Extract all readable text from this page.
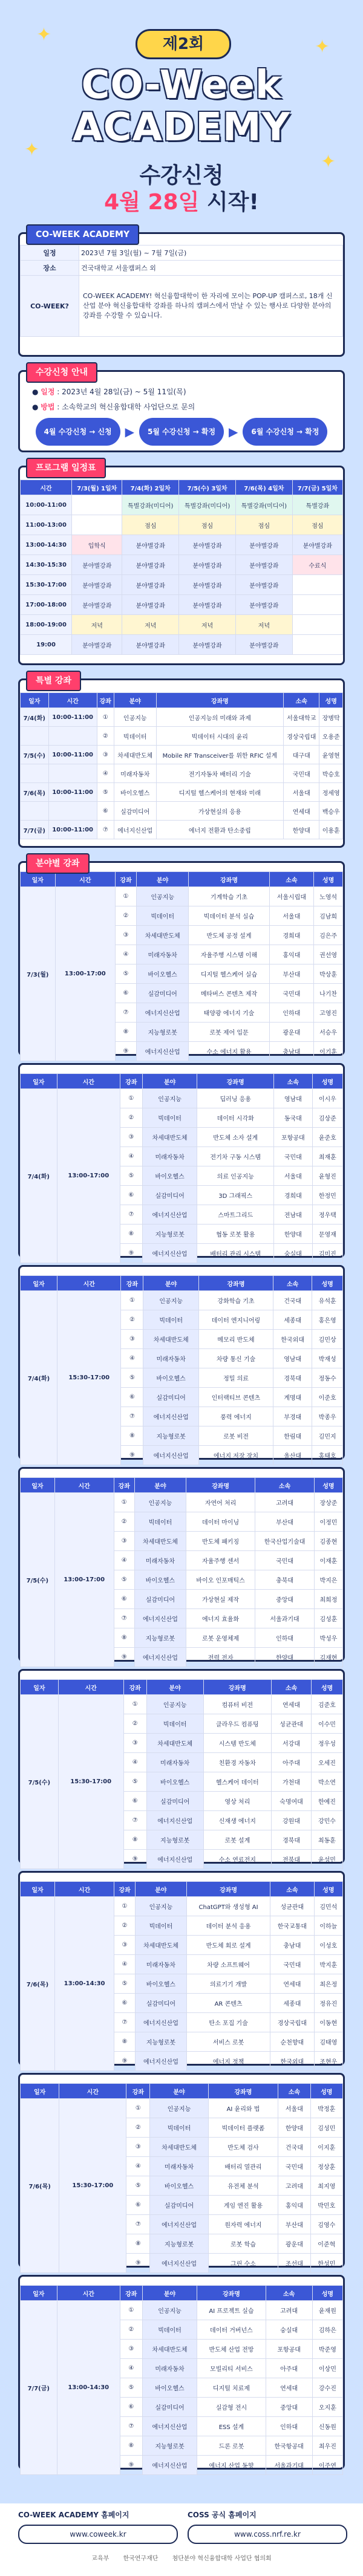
✦
✦
✦
✦
제2회
CO-Week
ACADEMY
수강신청
4월 28일 시작!
CO-WEEK ACADEMY
일정	2023년 7월 3일(월) ~ 7월 7일(금)
장소	건국대학교 서울캠퍼스 외
CO-WEEK?	CO-WEEK ACADEMY! 혁신융합대학이 한 자리에 모이는 POP-UP 캠퍼스로, 18개 신산업 분야 혁신융합대학 강좌를 하나의 캠퍼스에서 만날 수 있는 행사로 다양한 분야의 강좌를 수강할 수 있습니다.
수강신청 안내
● 일정 : 2023년 4월 28일(금) ~ 5월 11일(목)
● 방법 : 소속학교의 혁신융합대학 사업단으로 문의
4월 수강신청 → 신청	▶	5월 수강신청 → 확정	▶	6월 수강신청 → 확정
프로그램 일정표
시간	7/3(월) 1일차	7/4(화) 2일차	7/5(수) 3일차	7/6(목) 4일차	7/7(금) 5일차
10:00-11:00		특별강좌(미디어)	특별강좌(미디어)	특별강좌(미디어)	특별강좌
11:00-13:00		점심	점심	점심	점심
13:00-14:30	입학식	분야별강좌	분야별강좌	분야별강좌	분야별강좌
14:30-15:30	분야별강좌	분야별강좌	분야별강좌	분야별강좌	수료식
15:30-17:00	분야별강좌	분야별강좌	분야별강좌	분야별강좌	
17:00-18:00	분야별강좌	분야별강좌	분야별강좌	분야별강좌	
18:00-19:00	저녁	저녁	저녁	저녁	
19:00	분야별강좌	분야별강좌	분야별강좌	분야별강좌	
특별 강좌
일자	시간	강좌	분야	강좌명	소속	성명
7/4(화)	10:00-11:00	①	인공지능	인공지능의 미래와 과제	서울대학교	장병탁
		②	빅데이터	빅데이터 시대의 윤리	경상국립대	오용준
7/5(수)	10:00-11:00	③	차세대반도체	Mobile RF Transceiver를 위한 RFIC 설계	대구대	윤영현
		④	미래자동차	전기자동차 배터리 기술	국민대	박승호
7/6(목)	10:00-11:00	⑤	바이오헬스	디지털 헬스케어의 현재와 미래	서울대	정세영
		⑥	실감미디어	가상현실의 응용	연세대	백승우
7/7(금)	10:00-11:00	⑦	에너지신산업	에너지 전환과 탄소중립	한양대	이용훈
분야별 강좌
일자	시간	강좌	분야	강좌명	소속	성명
7/3(월)	13:00-17:00	①	인공지능	기계학습 기초	서울시립대	노영석
		②	빅데이터	빅데이터 분석 실습	서울대	김남희
		③	차세대반도체	반도체 공정 설계	경희대	김은주
		④	미래자동차	자율주행 시스템 이해	홍익대	권선영
		⑤	바이오헬스	디지털 헬스케어 실습	부산대	박상훈
		⑥	실감미디어	메타버스 콘텐츠 제작	국민대	나기찬
		⑦	에너지신산업	태양광 에너지 기술	인하대	고영진
		⑧	지능형로봇	로봇 제어 입문	광운대	서승우
		⑨	에너지신산업	수소 에너지 활용	충남대	이기훈
일자	시간	강좌	분야	강좌명	소속	성명
7/4(화)	13:00-17:00	①	인공지능	딥러닝 응용	영남대	이시우
		②	빅데이터	데이터 시각화	동국대	김상준
		③	차세대반도체	반도체 소자 설계	포항공대	윤준호
		④	미래자동차	전기차 구동 시스템	국민대	최재훈
		⑤	바이오헬스	의료 인공지능	서울대	윤형진
		⑥	실감미디어	3D 그래픽스	경희대	한정민
		⑦	에너지신산업	스마트그리드	전남대	정우택
		⑧	지능형로봇	협동 로봇 활용	한양대	문영재
		⑨	에너지신산업	배터리 관리 시스템	숭실대	김미진
일자	시간	강좌	분야	강좌명	소속	성명
7/4(화)	15:30-17:00	①	인공지능	강화학습 기초	건국대	유석훈
		②	빅데이터	데이터 엔지니어링	세종대	홍은영
		③	차세대반도체	메모리 반도체	한국외대	김민상
		④	미래자동차	차량 통신 기술	영남대	박재성
		⑤	바이오헬스	정밀 의료	경북대	정동수
		⑥	실감미디어	인터랙티브 콘텐츠	계명대	이준호
		⑦	에너지신산업	풍력 에너지	부경대	박종우
		⑧	지능형로봇	로봇 비전	한림대	김민지
		⑨	에너지신산업	에너지 저장 장치	울산대	홍태호
일자	시간	강좌	분야	강좌명	소속	성명
7/5(수)	13:00-17:00	①	인공지능	자연어 처리	고려대	장상준
		②	빅데이터	데이터 마이닝	부산대	이정민
		③	차세대반도체	반도체 패키징	한국산업기술대	김종현
		④	미래자동차	자율주행 센서	국민대	이재훈
		⑤	바이오헬스	바이오 인포매틱스	충북대	박지은
		⑥	실감미디어	가상현실 제작	중앙대	최희정
		⑦	에너지신산업	에너지 효율화	서울과기대	김성훈
		⑧	지능형로봇	로봇 운영체제	인하대	박성우
		⑨	에너지신산업	전력 전자	한양대	김재현
일자	시간	강좌	분야	강좌명	소속	성명
7/5(수)	15:30-17:00	①	인공지능	컴퓨터 비전	연세대	김준호
		②	빅데이터	클라우드 컴퓨팅	성균관대	이수민
		③	차세대반도체	시스템 반도체	서강대	정우성
		④	미래자동차	친환경 자동차	아주대	오세진
		⑤	바이오헬스	헬스케어 데이터	가천대	박소연
		⑥	실감미디어	영상 처리	숙명여대	한예진
		⑦	에너지신산업	신재생 에너지	강원대	강민수
		⑧	지능형로봇	로봇 설계	경북대	최동훈
		⑨	에너지신산업	수소 연료전지	전북대	윤성민
일자	시간	강좌	분야	강좌명	소속	성명
7/6(목)	13:00-14:30	①	인공지능	ChatGPT와 생성형 AI	성균관대	김민석
		②	빅데이터	데이터 분석 응용	한국교통대	이하늘
		③	차세대반도체	반도체 회로 설계	충남대	이성호
		④	미래자동차	차량 소프트웨어	국민대	박지훈
		⑤	바이오헬스	의료기기 개발	연세대	최은정
		⑥	실감미디어	AR 콘텐츠	세종대	정유진
		⑦	에너지신산업	탄소 포집 기술	경상국립대	이동현
		⑧	지능형로봇	서비스 로봇	순천향대	김태영
		⑨	에너지신산업	에너지 정책	한국외대	조현우
일자	시간	강좌	분야	강좌명	소속	성명
7/6(목)	15:30-17:00	①	인공지능	AI 윤리와 법	서울대	박정훈
		②	빅데이터	빅데이터 플랫폼	한양대	김성민
		③	차세대반도체	반도체 검사	건국대	이지훈
		④	미래자동차	배터리 열관리	국민대	정상훈
		⑤	바이오헬스	유전체 분석	고려대	최지영
		⑥	실감미디어	게임 엔진 활용	홍익대	박민호
		⑦	에너지신산업	원자력 에너지	부산대	김영수
		⑧	지능형로봇	로봇 학습	광운대	이준혁
		⑨	에너지신산업	그린 수소	조선대	한성민
일자	시간	강좌	분야	강좌명	소속	성명
7/7(금)	13:00-14:30	①	인공지능	AI 프로젝트 실습	고려대	윤재원
		②	빅데이터	데이터 거버넌스	숭실대	김하은
		③	차세대반도체	반도체 산업 전망	포항공대	박준영
		④	미래자동차	모빌리티 서비스	아주대	이상민
		⑤	바이오헬스	디지털 치료제	연세대	강수진
		⑥	실감미디어	실감형 전시	중앙대	오지훈
		⑦	에너지신산업	ESS 설계	인하대	신동원
		⑧	지능형로봇	드론 로봇	한국항공대	최우진
		⑨	에너지신산업	에너지 산업 동향	서울과기대	이주연
CO-WEEK ACADEMY 홈페이지
www.coweek.kr
COSS 공식 홈페이지
www.coss.nrf.re.kr
교육부 한국연구재단 첨단분야 혁신융합대학 사업단 협의회
